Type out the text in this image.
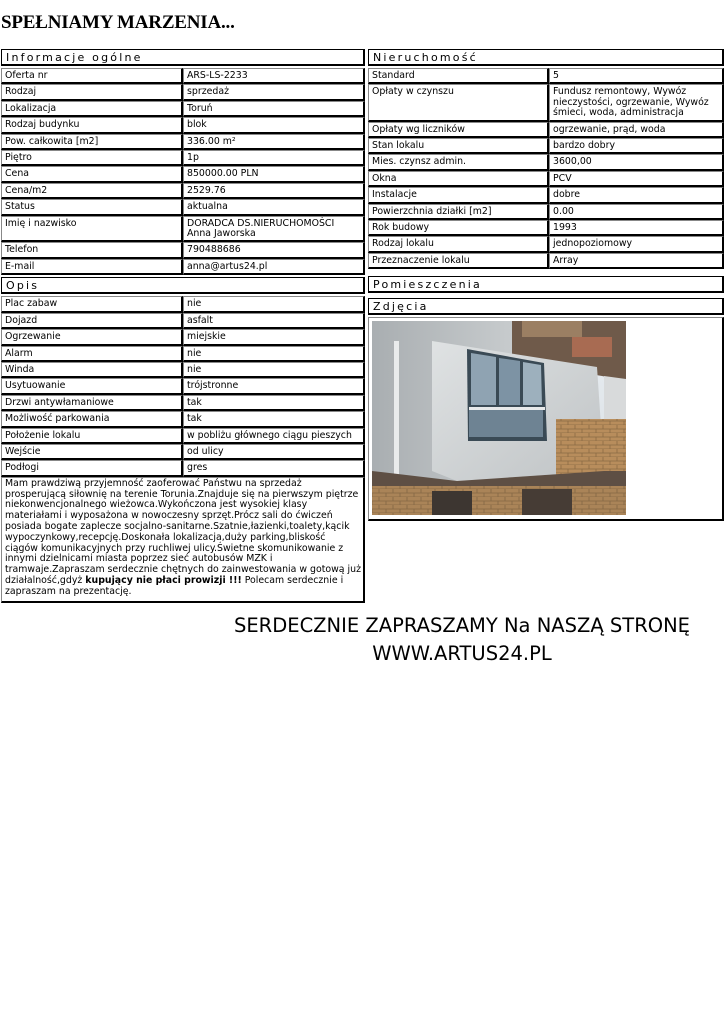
SPEŁNIAMY MARZENIA...
Informacje ogólne
Oferta nr	ARS-LS-2233
Rodzaj	sprzedaż
Lokalizacja	Toruń
Rodzaj budynku	blok
Pow. całkowita [m2]	336.00 m²
Piętro	1p
Cena	850000.00 PLN
Cena/m2	2529.76
Status	aktualna
Imię i nazwisko	DORADCA DS.NIERUCHOMOŚCI Anna Jaworska
Telefon	790488686
E-mail	anna@artus24.pl
Opis
Plac zabaw	nie
Dojazd	asfalt
Ogrzewanie	miejskie
Alarm	nie
Winda	nie
Usytuowanie	trójstronne
Drzwi antywłamaniowe	tak
Możliwość parkowania	tak
Położenie lokalu	w pobliżu głównego ciągu pieszych
Wejście	od ulicy
Podłogi	gres
Mam prawdziwą przyjemność zaoferować Państwu na sprzedaż prosperującą siłownię na terenie Torunia.Znajduje się na pierwszym piętrze niekonwencjonalnego wieżowca.Wykończona jest wysokiej klasy materiałami i wyposażona w nowoczesny sprzęt.Prócz sali do ćwiczeń posiada bogate zaplecze socjalno-sanitarne.Szatnie,łazienki,toalety,kącik wypoczynkowy,recepcję.Doskonała lokalizacja,duży parking,bliskość ciągów komunikacyjnych przy ruchliwej ulicy.Świetne skomunikowanie z innymi dzielnicami miasta poprzez sieć autobusów MZK i tramwaje.Zapraszam serdecznie chętnych do zainwestowania w gotową już działalność,gdyż kupujący nie płaci prowizji !!! Polecam serdecznie i zapraszam na prezentację.
Nieruchomość
Standard	5
Opłaty w czynszu	Fundusz remontowy, Wywóz nieczystości, ogrzewanie, Wywóz śmieci, woda, administracja
Opłaty wg liczników	ogrzewanie, prąd, woda
Stan lokalu	bardzo dobry
Mies. czynsz admin.	3600,00
Okna	PCV
Instalacje	dobre
Powierzchnia działki [m2]	0.00
Rok budowy	1993
Rodzaj lokalu	jednopoziomowy
Przeznaczenie lokalu	Array
Pomieszczenia
Zdjęcia
SERDECZNIE ZAPRASZAMY Na NASZĄ STRONĘ
WWW.ARTUS24.PL
